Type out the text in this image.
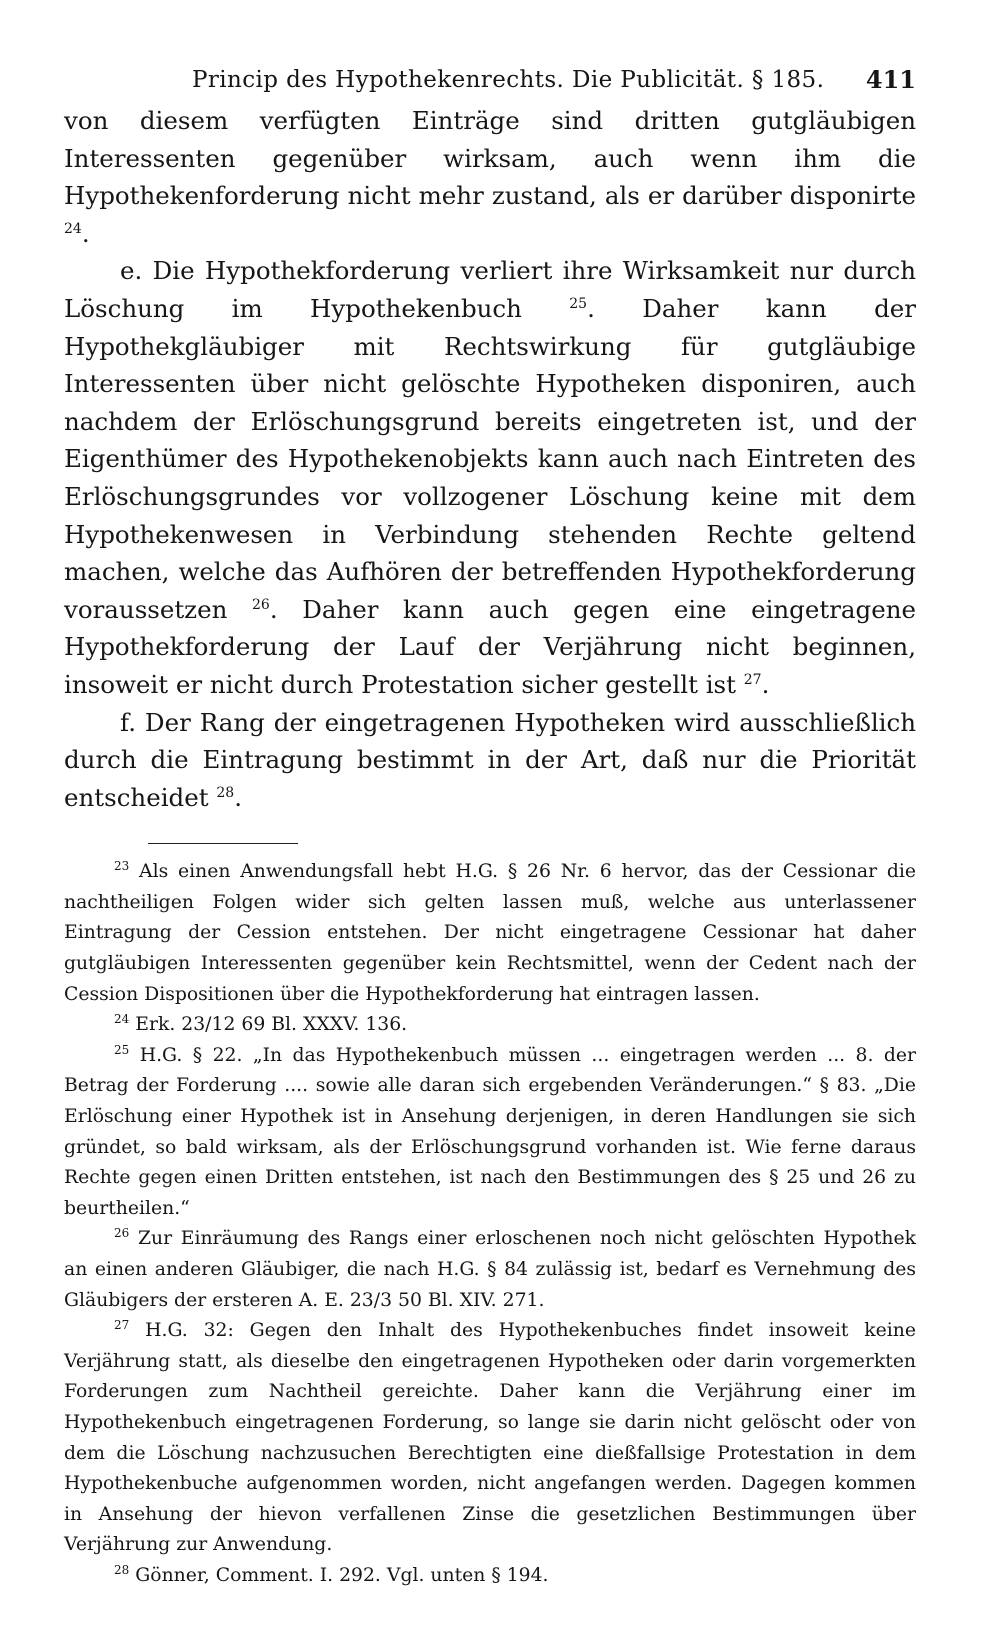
Princip des Hypothekenrechts. Die Publicität. § 185. 411

von diesem verfügten Einträge sind dritten gutgläubigen Interessenten gegenüber wirksam, auch wenn ihm die Hypothekenforderung nicht mehr zustand, als er darüber disponirte $^{24}$.

e. Die Hypothekforderung verliert ihre Wirksamkeit nur durch Löschung im Hypothekenbuch	$^{25}$. Daher kann der Hypothekgläubiger mit Rechtswirkung für gutgläubige Interessenten über nicht gelöschte Hypotheken disponiren, auch nachdem der Erlöschungsgrund bereits eingetreten ist, und der Eigenthümer des Hypothekenobjekts kann auch nach Eintreten des Erlöschungsgrundes vor vollzogener Löschung keine mit dem Hypothekenwesen in Verbindung stehenden Rechte geltend machen, welche das Aufhören der betreffenden Hypothekforderung voraussetzen $^{26}$. Daher kann auch gegen eine eingetragene Hypothekforderung der Lauf der Verjährung nicht beginnen, insoweit er nicht durch Protestation sicher gestellt ist $^{27}$.

f. Der Rang der eingetragenen Hypotheken wird ausschließlich durch die Eintragung bestimmt in der Art, daß nur die Priorität entscheidet $^{28}$.

$^{23}$ Als einen Anwendungsfall hebt H.G. § 26 Nr. 6 hervor, das der Cessionar die nachtheiligen Folgen wider sich gelten lassen muß, welche aus unterlassener Eintragung der Cession entstehen. Der nicht eingetragene Cessionar hat daher gutgläubigen Interessenten gegenüber kein Rechtsmittel, wenn der Cedent nach der Cession Dispositionen über die Hypothekforderung hat eintragen lassen.

$^{24}$ Erk. 23/12 69 Bl. XXXV. 136.

$^{25}$ H.G. § 22. „In das Hypothekenbuch müssen ... eingetragen werden ... 8. der Betrag der Forderung .... sowie alle daran sich ergebenden Veränderungen.“ § 83. „Die Erlöschung einer Hypothek ist in Ansehung derjenigen, in deren Handlungen sie sich gründet, so bald wirksam, als der Erlöschungsgrund vorhanden ist. Wie ferne daraus Rechte gegen einen Dritten entstehen, ist nach den Bestimmungen des § 25 und 26 zu beurtheilen.“

$^{26}$ Zur Einräumung des Rangs einer erloschenen noch nicht gelöschten Hypothek an einen anderen Gläubiger, die nach H.G. § 84 zulässig ist, bedarf es Vernehmung des Gläubigers der ersteren A. E. 23/3 50 Bl. XIV. 271.

$^{27}$ H.G. 32: Gegen den Inhalt des Hypothekenbuches findet insoweit keine Verjährung statt, als dieselbe den eingetragenen Hypotheken oder darin vorgemerkten Forderungen zum Nachtheil gereichte. Daher kann die Verjährung einer im Hypothekenbuch eingetragenen Forderung, so lange sie darin nicht gelöscht oder von dem die Löschung nachzusuchen Berechtigten eine dießfallsige Protestation in dem Hypothekenbuche aufgenommen worden, nicht angefangen werden. Dagegen kommen in Ansehung der hievon verfallenen Zinse die gesetzlichen Bestimmungen über Verjährung zur Anwendung.

$^{28}$ Gönner, Comment. I. 292. Vgl. unten § 194.
